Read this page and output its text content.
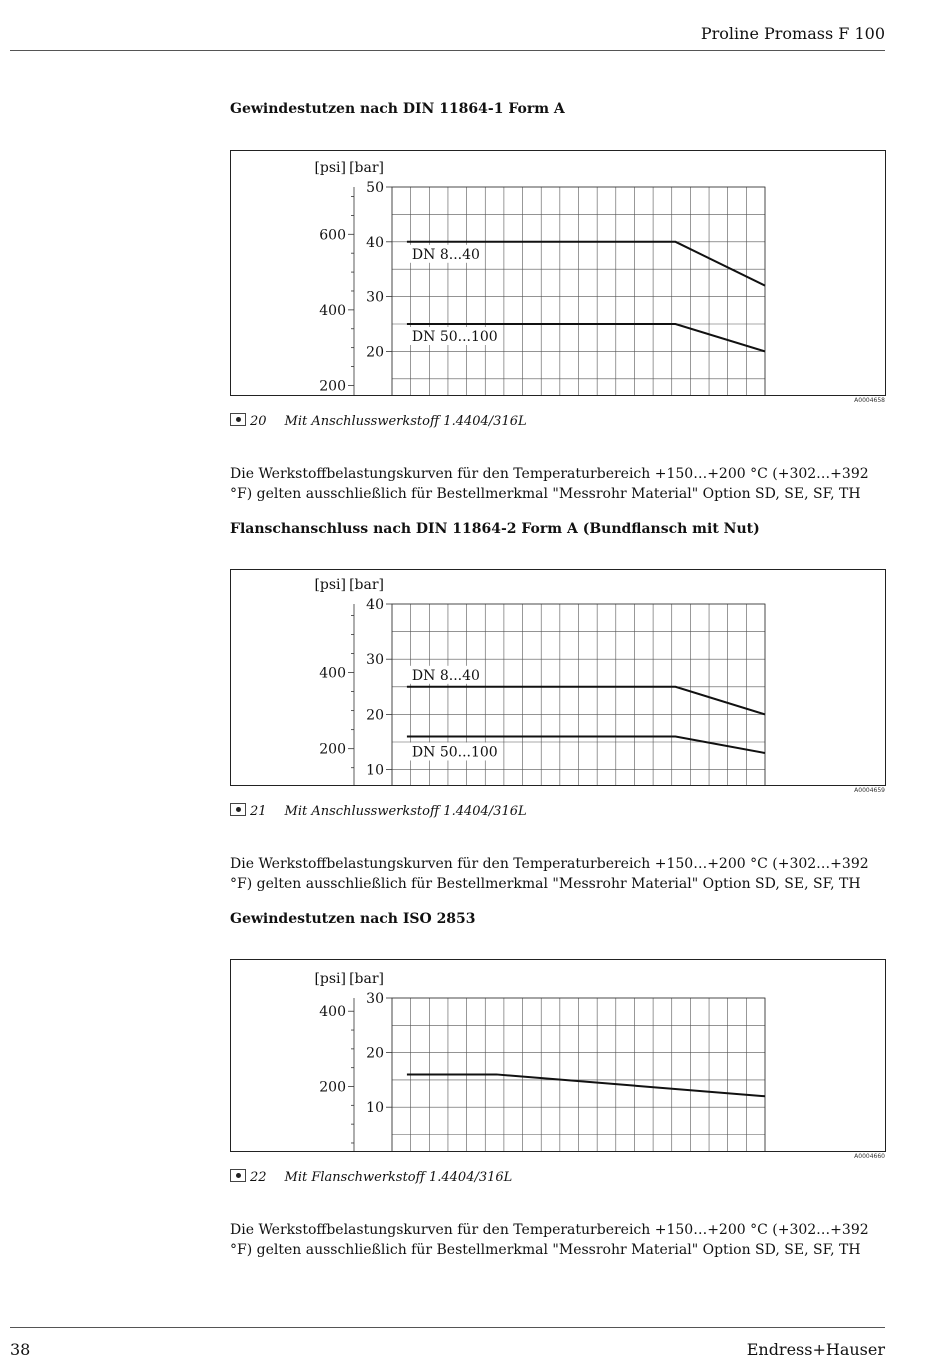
Proline Promass F 100
Gewindestutzen nach DIN 11864-1 Form A
20
30
40
50
200
400
600
[psi] [bar]
DN 8...40
DN 50...100
A0004658
20 Mit Anschlusswerkstoff 1.4404/316L
Die Werkstoffbelastungskurven für den Temperaturbereich +150…+200 °C (+302…+392 °F) gelten ausschließlich für Bestellmerkmal "Messrohr Material" Option SD, SE, SF, TH
Flanschanschluss nach DIN 11864-2 Form A (Bundflansch mit Nut)
10
20
30
40
200
400
[psi] [bar]
DN 8...40
DN 50...100
A0004659
21 Mit Anschlusswerkstoff 1.4404/316L
Die Werkstoffbelastungskurven für den Temperaturbereich +150…+200 °C (+302…+392 °F) gelten ausschließlich für Bestellmerkmal "Messrohr Material" Option SD, SE, SF, TH
Gewindestutzen nach ISO 2853
10
20
30
200
400
[psi] [bar]
A0004660
22 Mit Flanschwerkstoff 1.4404/316L
Die Werkstoffbelastungskurven für den Temperaturbereich +150…+200 °C (+302…+392 °F) gelten ausschließlich für Bestellmerkmal "Messrohr Material" Option SD, SE, SF, TH
38	Endress+Hauser
